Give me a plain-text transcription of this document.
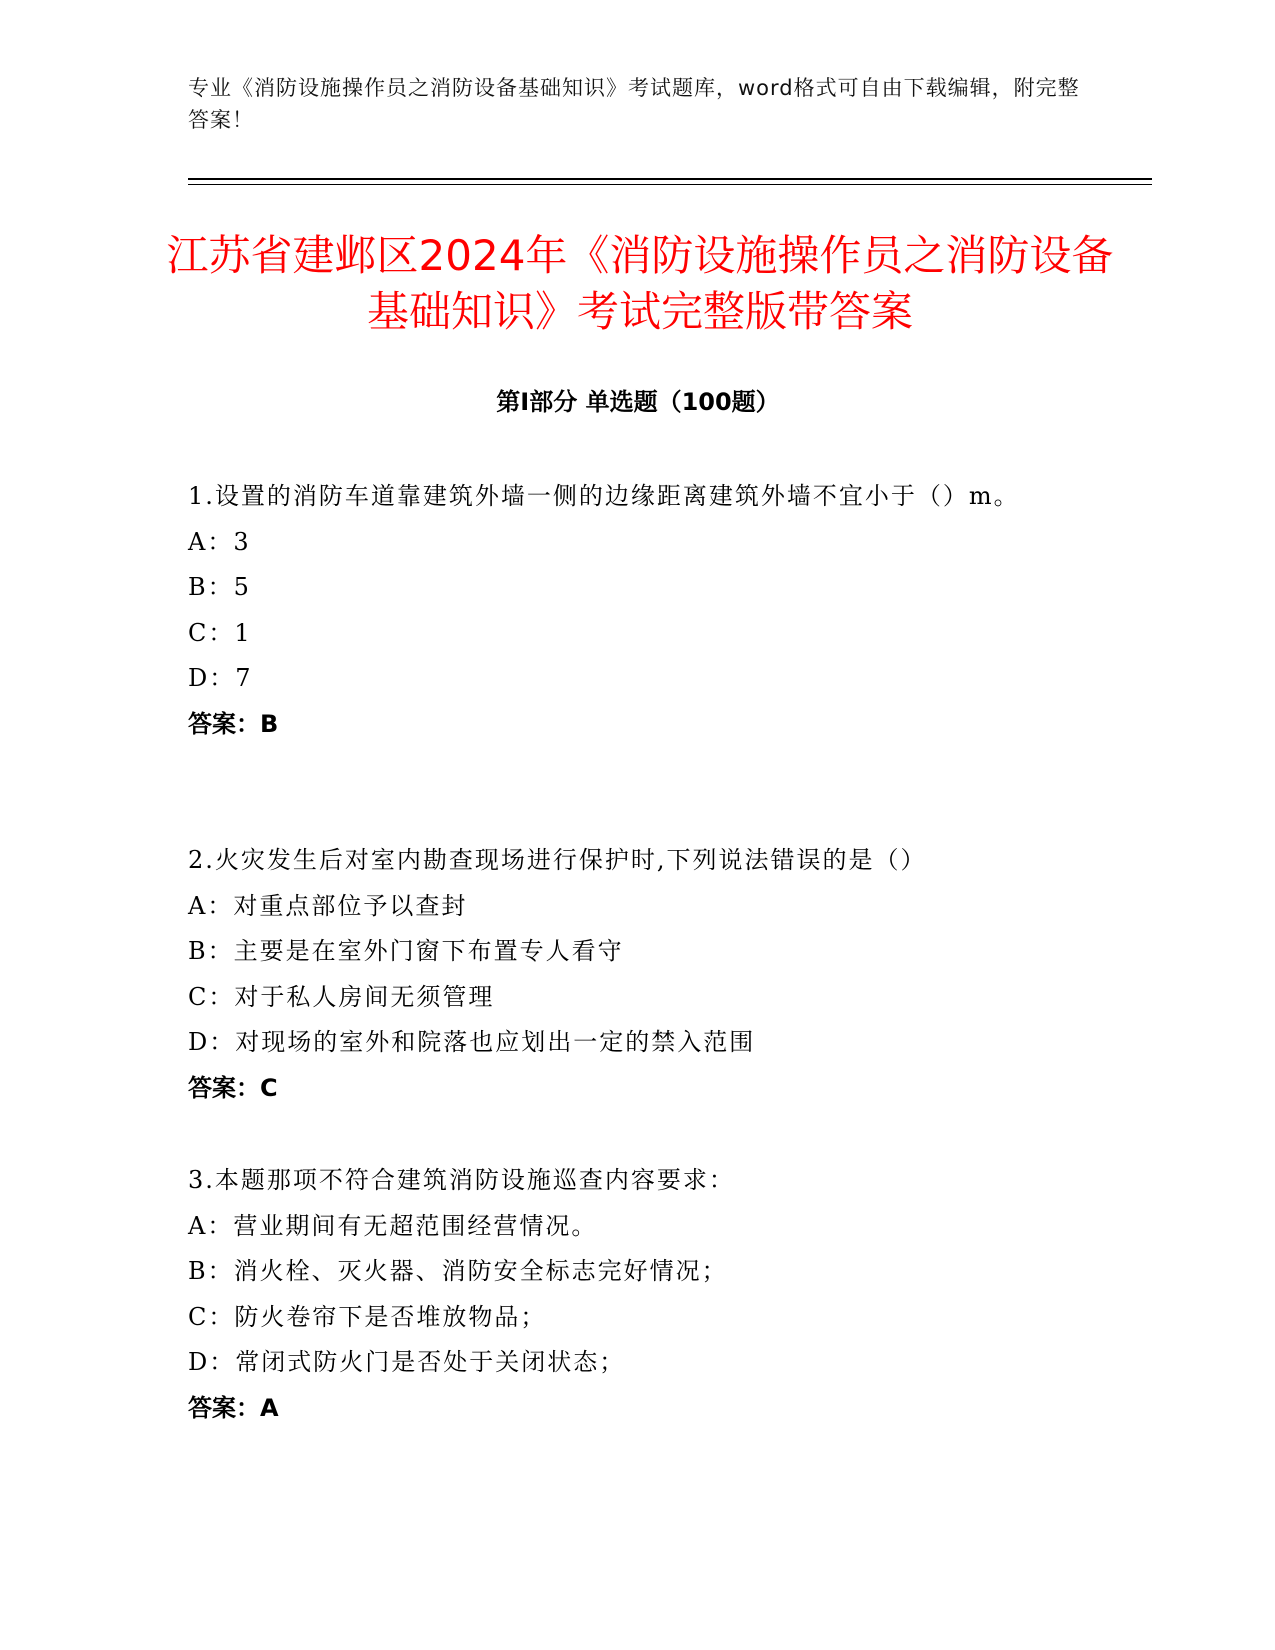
专业《消防设施操作员之消防设备基础知识》考试题库，word格式可自由下载编辑，附完整答案！
江苏省建邺区2024年《消防设施操作员之消防设备基础知识》考试完整版带答案
第Ⅰ部分 单选题（100题）

1.设置的消防车道靠建筑外墙一侧的边缘距离建筑外墙不宜小于（）m。

A：3

B：5

C：1

D：7

答案：B

2.火灾发生后对室内勘查现场进行保护时,下列说法错误的是（）

A：对重点部位予以查封

B：主要是在室外门窗下布置专人看守

C：对于私人房间无须管理

D：对现场的室外和院落也应划出一定的禁入范围

答案：C

3.本题那项不符合建筑消防设施巡查内容要求：

A：营业期间有无超范围经营情况。

B：消火栓、灭火器、消防安全标志完好情况；

C：防火卷帘下是否堆放物品；

D：常闭式防火门是否处于关闭状态；

答案：A
